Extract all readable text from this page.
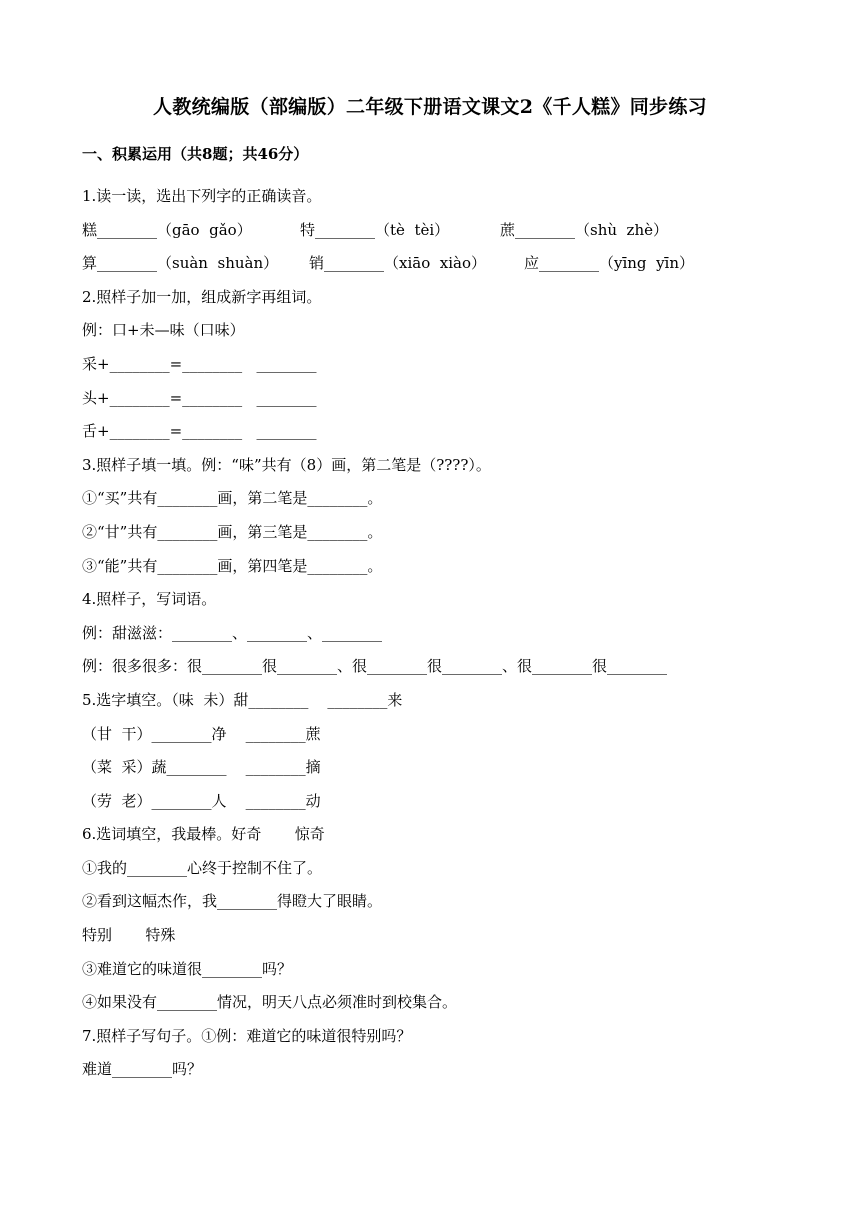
人教统编版（部编版）二年级下册语文课文2《千人糕》同步练习
一、积累运用（共8题；共46分）
1.读一读，选出下列字的正确读音。
糕________（gāo  gǎo）	特________（tè  tèi）	蔗________（shù  zhè）
算________（suàn  shuàn） 销________（xiāo  xiào）	应________（yīng  yīn）
2.照样子加一加，组成新字再组词。
例：口+未—味（口味）
采+________=________   ________
头+________=________   ________
舌+________=________   ________
3.照样子填一填。例：“味”共有（8）画，第二笔是（????）。
①“买”共有________画，第二笔是________。
②“甘”共有________画，第三笔是________。
③“能”共有________画，第四笔是________。
4.照样子，写词语。
例：甜滋滋：________、________、________
例：很多很多：很________很________、很________很________、很________很________
5.选字填空。（味  未）甜________    ________来
（甘  干）________净    ________蔗
（菜  采）蔬________    ________摘
（劳  老）________人    ________动
6.选词填空，我最棒。好奇       惊奇
①我的________心终于控制不住了。
②看到这幅杰作，我________得瞪大了眼睛。
特别       特殊
③难道它的味道很________吗？
④如果没有________情况，明天八点必须准时到校集合。
7.照样子写句子。①例：难道它的味道很特别吗？
难道________吗？
